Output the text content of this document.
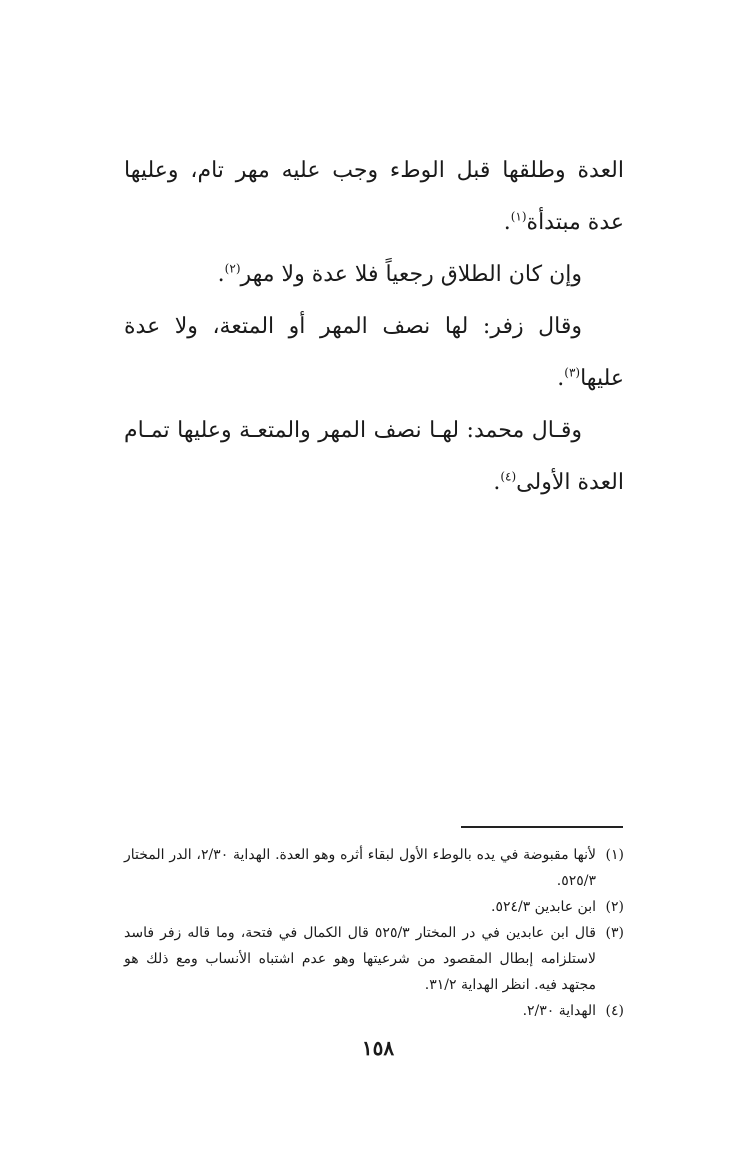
العدة وطلقها قبل الوطء وجب عليه مهر تام، وعليها عدة مبتدأة$^{(١)}$.

وإن كان الطلاق رجعياً فلا عدة ولا مهر$^{(٢)}$.

وقال زفر: لها نصف المهر أو المتعة، ولا عدة عليها$^{(٣)}$.

وقـال محمد: لهـا نصف المهر والمتعـة وعليها تمـام العدة الأولى$^{(٤)}$.

(١)
لأنها مقبوضة في يده بالوطء الأول لبقاء أثره وهو العدة. الهداية ٢/٣٠، الدر المختار ٥٢٥/٣.
(٢)
ابن عابدين ٥٢٤/٣.
(٣)
قال ابن عابدين في در المختار ٥٢٥/٣ قال الكمال في فتحة، وما قاله زفر فاسد لاستلزامه إبطال المقصود من شرعيتها وهو عدم اشتباه الأنساب ومع ذلك هو مجتهد فيه. انظر الهداية ٣١/٢.
(٤)
الهداية ٢/٣٠.
١٥٨
